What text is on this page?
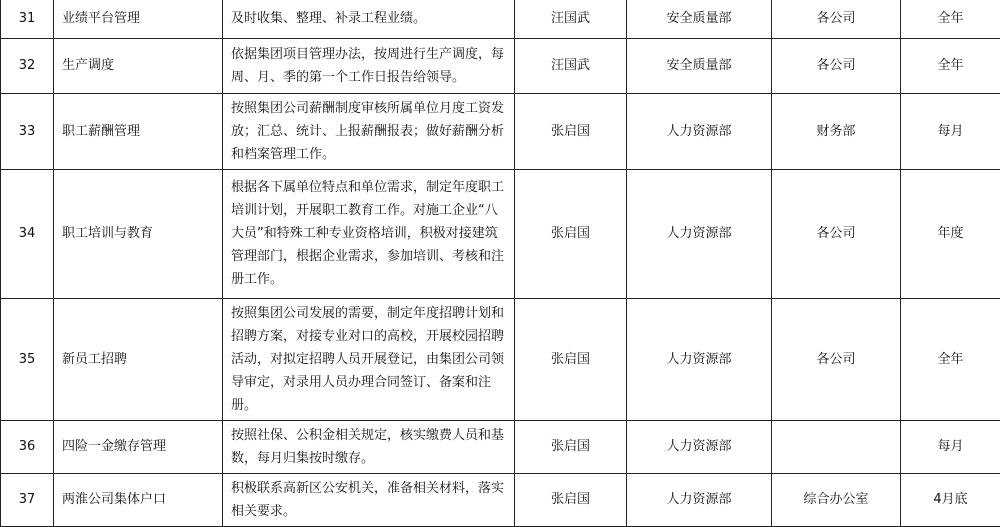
31	业绩平台管理	及时收集、整理、补录工程业绩。	汪国武	安全质量部	各公司	全年
32	生产调度	依据集团项目管理办法，按周进行生产调度，每周、月、季的第一个工作日报告给领导。	汪国武	安全质量部	各公司	全年
33	职工薪酬管理	按照集团公司薪酬制度审核所属单位月度工资发放；汇总、统计、上报薪酬报表；做好薪酬分析和档案管理工作。	张启国	人力资源部	财务部	每月
34	职工培训与教育	根据各下属单位特点和单位需求，制定年度职工培训计划，开展职工教育工作。对施工企业“八大员”和特殊工种专业资格培训，积极对接建筑管理部门，根据企业需求，参加培训、考核和注册工作。	张启国	人力资源部	各公司	年度
35	新员工招聘	按照集团公司发展的需要，制定年度招聘计划和招聘方案，对接专业对口的高校，开展校园招聘活动，对拟定招聘人员开展登记，由集团公司领导审定，对录用人员办理合同签订、备案和注册。	张启国	人力资源部	各公司	全年
36	四险一金缴存管理	按照社保、公积金相关规定，核实缴费人员和基数，每月归集按时缴存。	张启国	人力资源部		每月
37	两淮公司集体户口	积极联系高新区公安机关，准备相关材料，落实相关要求。	张启国	人力资源部	综合办公室	4月底
